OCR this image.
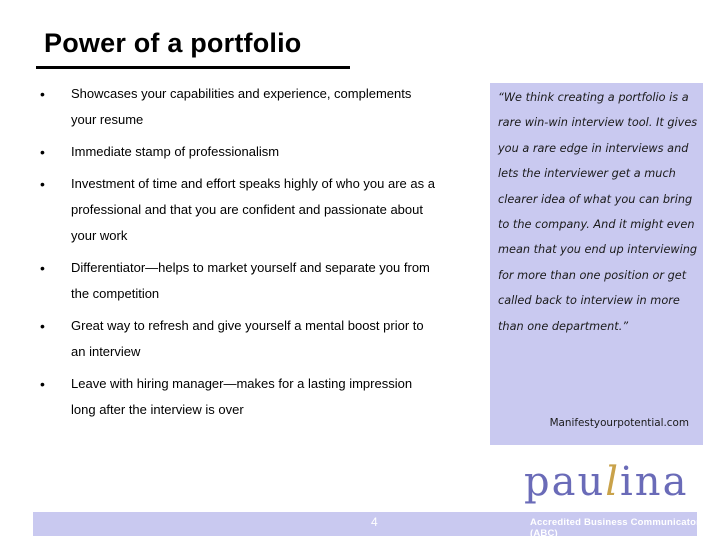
Power of a portfolio
• Showcases your capabilities and experience, complements your resume
• Immediate stamp of professionalism
• Investment of time and effort speaks highly of who you are as a professional and that you are confident and passionate about your work
• Differentiator—helps to market yourself and separate you from the competition
• Great way to refresh and give yourself a mental boost prior to an interview
• Leave with hiring manager—makes for a lasting impression long after the interview is over
“We think creating a portfolio is a rare win-win interview tool. It gives you a rare edge in interviews and lets the interviewer get a much clearer idea of what you can bring to the company. And it might even mean that you end up interviewing for more than one position or get called back to interview in more than one department.”
Manifestyourpotential.com
paulina
4	Accredited Business Communicator (ABC)
